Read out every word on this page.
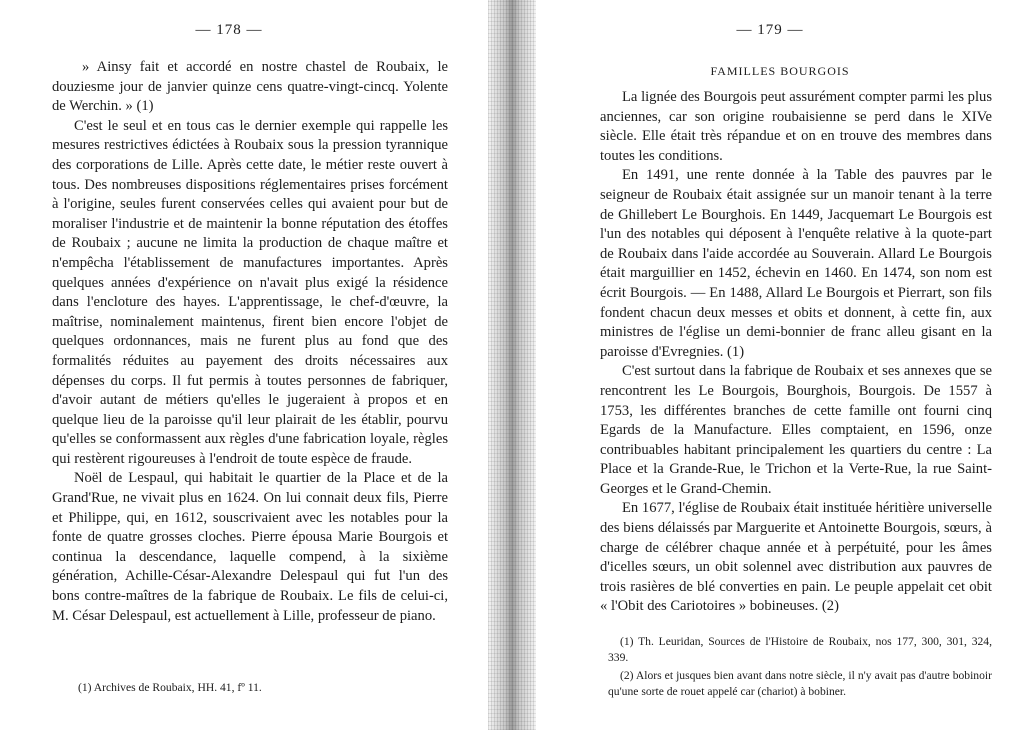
— 178 —

» Ainsy fait et accordé en nostre chastel de Roubaix, le douziesme jour de janvier quinze cens quatre-vingt-cincq. Yolente de Werchin. » (1)

C'est le seul et en tous cas le dernier exemple qui rappelle les mesures restrictives édictées à Roubaix sous la pression tyrannique des corporations de Lille. Après cette date, le métier reste ouvert à tous. Des nombreuses dispositions réglementaires prises forcément à l'origine, seules furent conservées celles qui avaient pour but de moraliser l'industrie et de maintenir la bonne réputation des étoffes de Roubaix ; aucune ne limita la production de chaque maître et n'empêcha l'établissement de manufactures importantes. Après quelques années d'expérience on n'avait plus exigé la résidence dans l'encloture des hayes. L'apprentissage, le chef-d'œuvre, la maîtrise, nominalement maintenus, firent bien encore l'objet de quelques ordonnances, mais ne furent plus au fond que des formalités réduites au payement des droits nécessaires aux dépenses du corps. Il fut permis à toutes personnes de fabriquer, d'avoir autant de métiers qu'elles le jugeraient à propos et en quelque lieu de la paroisse qu'il leur plairait de les établir, pourvu qu'elles se conformassent aux règles d'une fabrication loyale, règles qui restèrent rigoureuses à l'endroit de toute espèce de fraude.

Noël de Lespaul, qui habitait le quartier de la Place et de la Grand'Rue, ne vivait plus en 1624. On lui connait deux fils, Pierre et Philippe, qui, en 1612, souscrivaient avec les notables pour la fonte de quatre grosses cloches. Pierre épousa Marie Bourgois et continua la descendance, laquelle compend, à la sixième génération, Achille-César-Alexandre Delespaul qui fut l'un des bons contre-maîtres de la fabrique de Roubaix. Le fils de celui-ci, M. César Delespaul, est actuellement à Lille, professeur de piano.

(1) Archives de Roubaix, HH. 41, fº 11.

— 179 —
FAMILLES BOURGOIS

La lignée des Bourgois peut assurément compter parmi les plus anciennes, car son origine roubaisienne se perd dans le XIVe siècle. Elle était très répandue et on en trouve des membres dans toutes les conditions.

En 1491, une rente donnée à la Table des pauvres par le seigneur de Roubaix était assignée sur un manoir tenant à la terre de Ghillebert Le Bourghois. En 1449, Jacquemart Le Bourgois est l'un des notables qui déposent à l'enquête relative à la quote-part de Roubaix dans l'aide accordée au Souverain. Allard Le Bourgois était marguillier en 1452, échevin en 1460. En 1474, son nom est écrit Bourgois. — En 1488, Allard Le Bourgois et Pierrart, son fils fondent chacun deux messes et obits et donnent, à cette fin, aux ministres de l'église un demi-bonnier de franc alleu gisant en la paroisse d'Evregnies. (1)

C'est surtout dans la fabrique de Roubaix et ses annexes que se rencontrent les Le Bourgois, Bourghois, Bourgois. De 1557 à 1753, les différentes branches de cette famille ont fourni cinq Egards de la Manufacture. Elles comptaient, en 1596, onze contribuables habitant principalement les quartiers du centre : La Place et la Grande-Rue, le Trichon et la Verte-Rue, la rue Saint-Georges et le Grand-Chemin.

En 1677, l'église de Roubaix était instituée héritière universelle des biens délaissés par Marguerite et Antoinette Bourgois, sœurs, à charge de célébrer chaque année et à perpétuité, pour les âmes d'icelles sœurs, un obit solennel avec distribution aux pauvres de trois rasières de blé converties en pain. Le peuple appelait cet obit « l'Obit des Cariotoires » bobineuses. (2)

(1) Th. Leuridan, Sources de l'Histoire de Roubaix, nos 177, 300, 301, 324, 339.

(2) Alors et jusques bien avant dans notre siècle, il n'y avait pas d'autre bobinoir qu'une sorte de rouet appelé car (chariot) à bobiner.
